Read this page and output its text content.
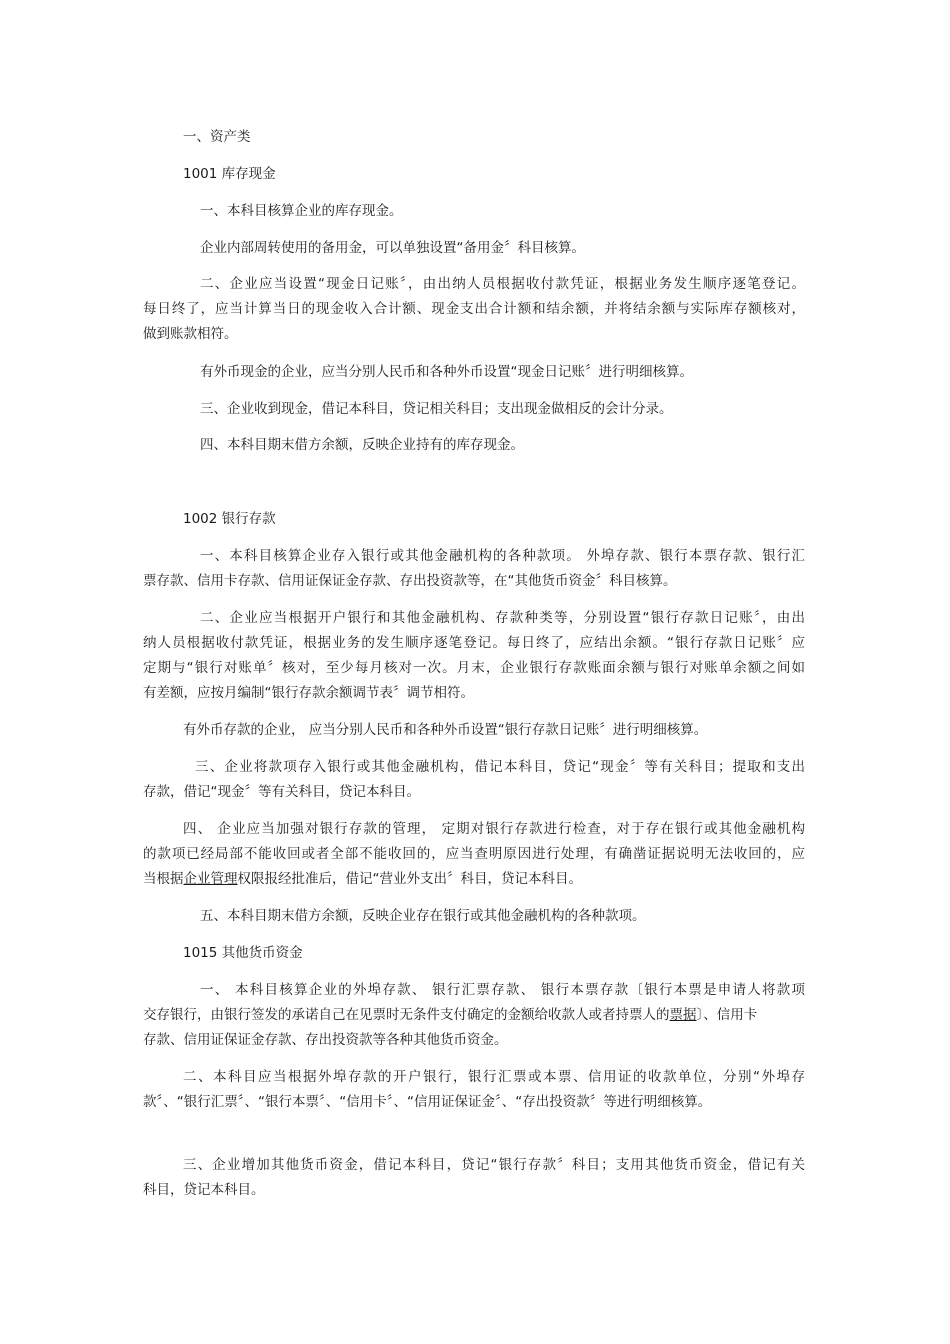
一、资产类
1001 库存现金
一、本科目核算企业的库存现金。
企业内部周转使用的备用金，可以单独设置“备用金〞科目核算。
二、企业应当设置“现金日记账〞，由出纳人员根据收付款凭证，根据业务发生顺序逐笔登记。
每日终了，应当计算当日的现金收入合计额、现金支出合计额和结余额，并将结余额与实际库存额核对，
做到账款相符。
有外币现金的企业，应当分别人民币和各种外币设置“现金日记账〞进行明细核算。
三、企业收到现金，借记本科目，贷记相关科目；支出现金做相反的会计分录。
四、本科目期末借方余额，反映企业持有的库存现金。
1002 银行存款
一、本科目核算企业存入银行或其他金融机构的各种款项。 外埠存款、银行本票存款、银行汇
票存款、信用卡存款、信用证保证金存款、存出投资款等，在“其他货币资金〞科目核算。
二、企业应当根据开户银行和其他金融机构、存款种类等，分别设置“银行存款日记账〞，由出
纳人员根据收付款凭证，根据业务的发生顺序逐笔登记。每日终了，应结出余额。“银行存款日记账〞应
定期与“银行对账单〞核对，至少每月核对一次。月末，企业银行存款账面余额与银行对账单余额之间如
有差额，应按月编制“银行存款余额调节表〞调节相符。
有外币存款的企业， 应当分别人民币和各种外币设置“银行存款日记账〞进行明细核算。
三、企业将款项存入银行或其他金融机构，借记本科目，贷记“现金〞等有关科目；提取和支出
存款，借记“现金〞等有关科目，贷记本科目。
四、 企业应当加强对银行存款的管理， 定期对银行存款进行检查，对于存在银行或其他金融机构
的款项已经局部不能收回或者全部不能收回的，应当查明原因进行处理，有确凿证据说明无法收回的，应
当根据企业管理权限报经批准后，借记“营业外支出〞科目，贷记本科目。
五、本科目期末借方余额，反映企业存在银行或其他金融机构的各种款项。
1015 其他货币资金
一、 本科目核算企业的外埠存款、 银行汇票存款、 银行本票存款〔银行本票是申请人将款项
交存银行，由银行签发的承诺自己在见票时无条件支付确定的金额给收款人或者持票人的票据〕、信用卡
存款、信用证保证金存款、存出投资款等各种其他货币资金。
二、本科目应当根据外埠存款的开户银行，银行汇票或本票、信用证的收款单位，分别“外埠存
款〞、“银行汇票〞、“银行本票〞、“信用卡〞、“信用证保证金〞、“存出投资款〞等进行明细核算。
三、企业增加其他货币资金，借记本科目，贷记“银行存款〞科目；支用其他货币资金，借记有关
科目，贷记本科目。
